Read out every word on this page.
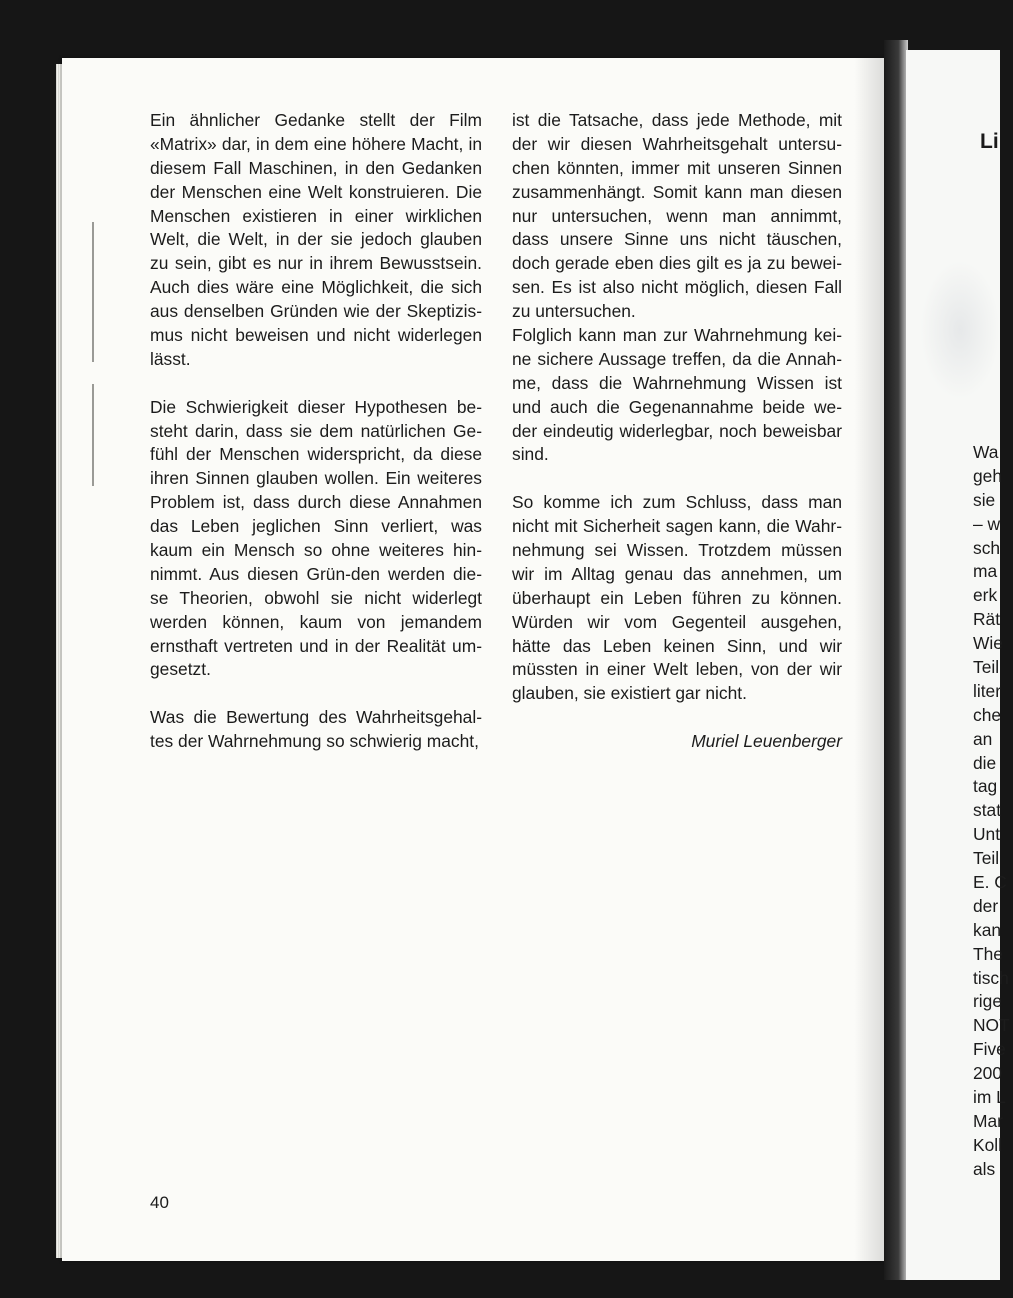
Ein ähnlicher Gedanke stellt der Film
«Matrix» dar, in dem eine höhere Macht, in
diesem Fall Maschinen, in den Gedanken
der Menschen eine Welt konstruieren. Die
Menschen existieren in einer wirklichen
Welt, die Welt, in der sie jedoch glauben
zu sein, gibt es nur in ihrem Bewusstsein.
Auch dies wäre eine Möglichkeit, die sich
aus denselben Gründen wie der Skeptizis-
mus nicht beweisen und nicht widerlegen
lässt.

Die Schwierigkeit dieser Hypothesen be-
steht darin, dass sie dem natürlichen Ge-
fühl der Menschen widerspricht, da diese
ihren Sinnen glauben wollen. Ein weiteres
Problem ist, dass durch diese Annahmen
das Leben jeglichen Sinn verliert, was
kaum ein Mensch so ohne weiteres hin-
nimmt. Aus diesen Grün-den werden die-
se Theorien, obwohl sie nicht widerlegt
werden können, kaum von jemandem
ernsthaft vertreten und in der Realität um-
gesetzt.

Was die Bewertung des Wahrheitsgehal-
tes der Wahrnehmung so schwierig macht,

ist die Tatsache, dass jede Methode, mit
der wir diesen Wahrheitsgehalt untersu-
chen könnten, immer mit unseren Sinnen
zusammenhängt. Somit kann man diesen
nur untersuchen, wenn man annimmt,
dass unsere Sinne uns nicht täuschen,
doch gerade eben dies gilt es ja zu bewei-
sen. Es ist also nicht möglich, diesen Fall
zu untersuchen.
Folglich kann man zur Wahrnehmung kei-
ne sichere Aussage treffen, da die Annah-
me, dass die Wahrnehmung Wissen ist
und auch die Gegenannahme beide we-
der eindeutig widerlegbar, noch beweisbar
sind.

So komme ich zum Schluss, dass man
nicht mit Sicherheit sagen kann, die Wahr-
nehmung sei Wissen. Trotzdem müssen
wir im Alltag genau das annehmen, um
überhaupt ein Leben führen zu können.
Würden wir vom Gegenteil ausgehen,
hätte das Leben keinen Sinn, und wir
müssten in einer Welt leben, von der wir
glauben, sie existiert gar nicht.

Muriel Leuenberger
40
Li
Wa
geh
sie
– w
sch
ma
erk
Rät
Wie
Teil
liter
che
an
die
tag
stat
Unt
Teil
E. C
der
kan
The
tisch
rige
NOT
Five
200
im L
Mar
Koll
als
